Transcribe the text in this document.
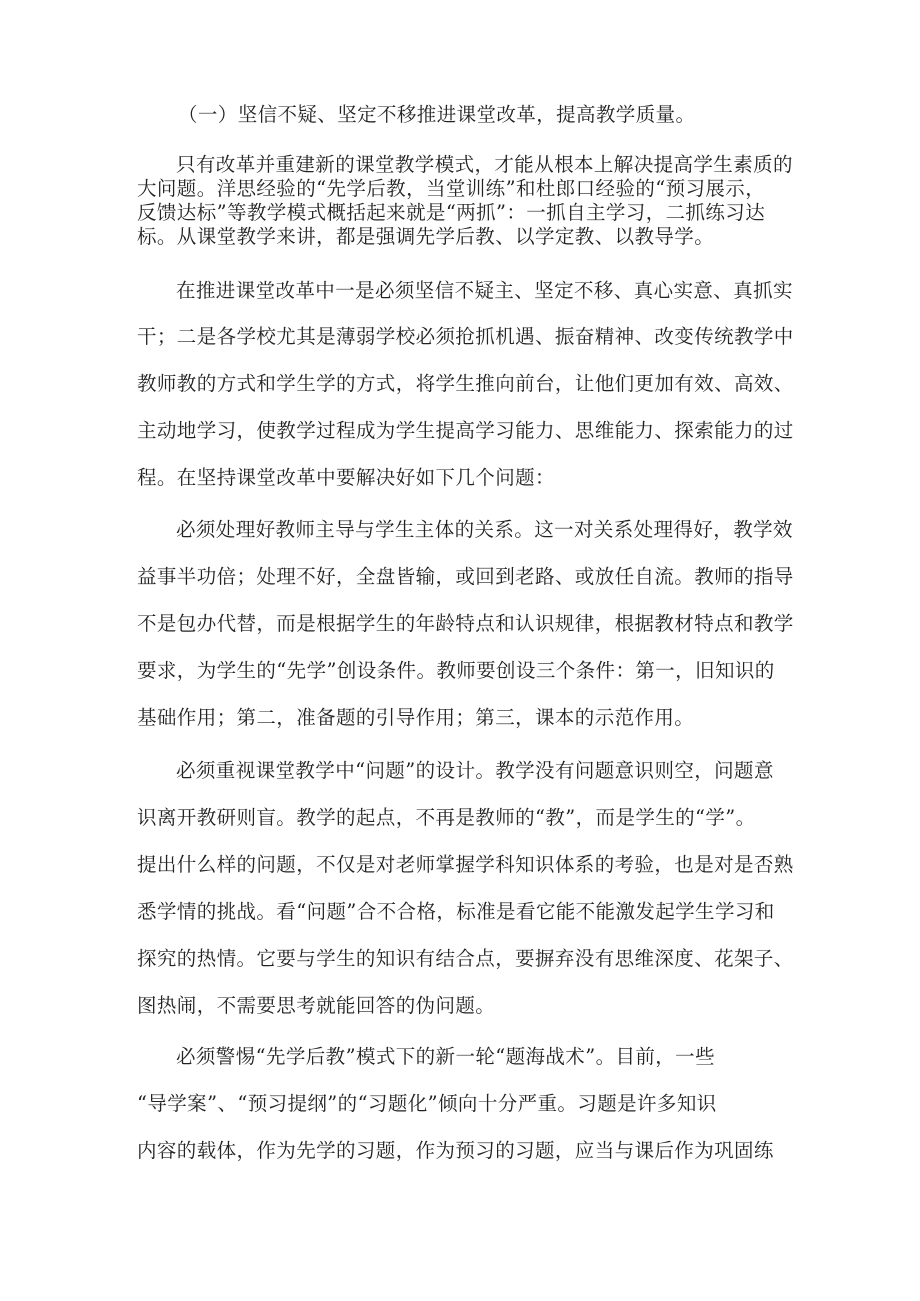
（一）坚信不疑、坚定不移推进课堂改革，提高教学质量。
只有改革并重建新的课堂教学模式，才能从根本上解决提高学生素质的
大问题。洋思经验的“先学后教，当堂训练”和杜郎口经验的“预习展示，
反馈达标”等教学模式概括起来就是“两抓”：一抓自主学习，二抓练习达
标。从课堂教学来讲，都是强调先学后教、以学定教、以教导学。
在推进课堂改革中一是必须坚信不疑主、坚定不移、真心实意、真抓实
干；二是各学校尤其是薄弱学校必须抢抓机遇、振奋精神、改变传统教学中
教师教的方式和学生学的方式，将学生推向前台，让他们更加有效、高效、
主动地学习，使教学过程成为学生提高学习能力、思维能力、探索能力的过
程。在坚持课堂改革中要解决好如下几个问题：
必须处理好教师主导与学生主体的关系。这一对关系处理得好，教学效
益事半功倍；处理不好，全盘皆输，或回到老路、或放任自流。教师的指导
不是包办代替，而是根据学生的年龄特点和认识规律，根据教材特点和教学
要求，为学生的“先学”创设条件。教师要创设三个条件：第一，旧知识的
基础作用；第二，准备题的引导作用；第三，课本的示范作用。
必须重视课堂教学中“问题”的设计。教学没有问题意识则空，问题意
识离开教研则盲。教学的起点，不再是教师的“教”，而是学生的“学”。
提出什么样的问题，不仅是对老师掌握学科知识体系的考验，也是对是否熟
悉学情的挑战。看“问题”合不合格，标准是看它能不能激发起学生学习和
探究的热情。它要与学生的知识有结合点，要摒弃没有思维深度、花架子、
图热闹，不需要思考就能回答的伪问题。
必须警惕“先学后教”模式下的新一轮“题海战术”。目前，一些
“导学案”、“预习提纲”的“习题化”倾向十分严重。习题是许多知识
内容的载体，作为先学的习题，作为预习的习题，应当与课后作为巩固练
